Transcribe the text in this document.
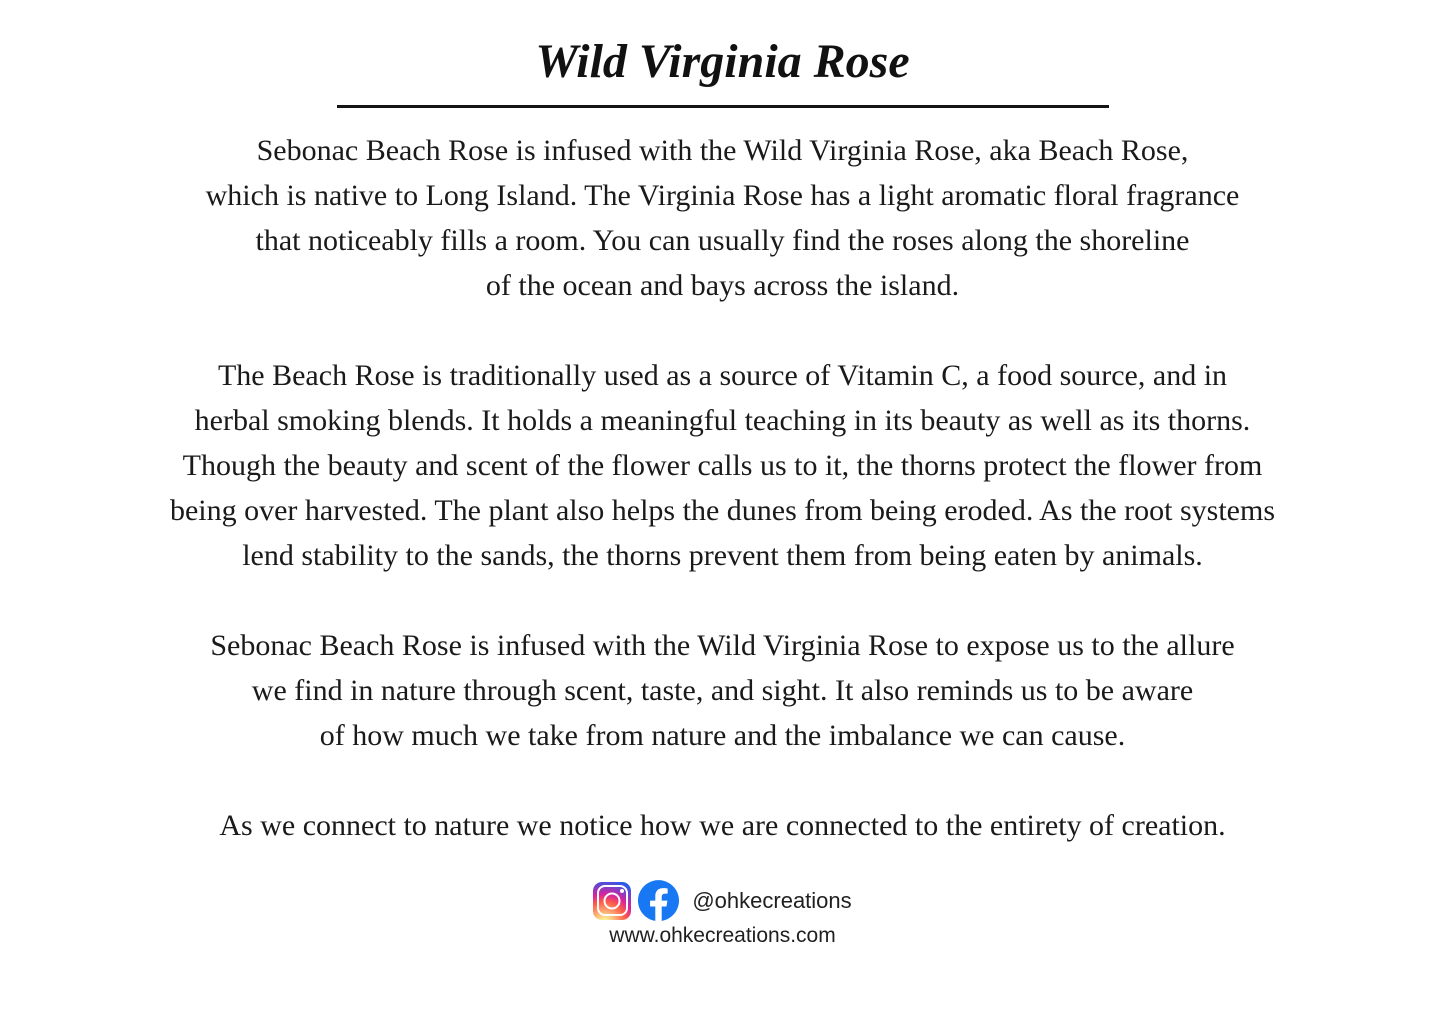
Wild Virginia Rose

Sebonac Beach Rose is infused with the Wild Virginia Rose, aka Beach Rose,
which is native to Long Island. The Virginia Rose has a light aromatic floral fragrance
that noticeably fills a room. You can usually find the roses along the shoreline
of the ocean and bays across the island.

The Beach Rose is traditionally used as a source of Vitamin C, a food source, and in
herbal smoking blends. It holds a meaningful teaching in its beauty as well as its thorns.
Though the beauty and scent of the flower calls us to it, the thorns protect the flower from
being over harvested. The plant also helps the dunes from being eroded. As the root systems
lend stability to the sands, the thorns prevent them from being eaten by animals.

Sebonac Beach Rose is infused with the Wild Virginia Rose to expose us to the allure
we find in nature through scent, taste, and sight. It also reminds us to be aware
of how much we take from nature and the imbalance we can cause.

As we connect to nature we notice how we are connected to the entirety of creation.

@ohkecreations
www.ohkecreations.com
